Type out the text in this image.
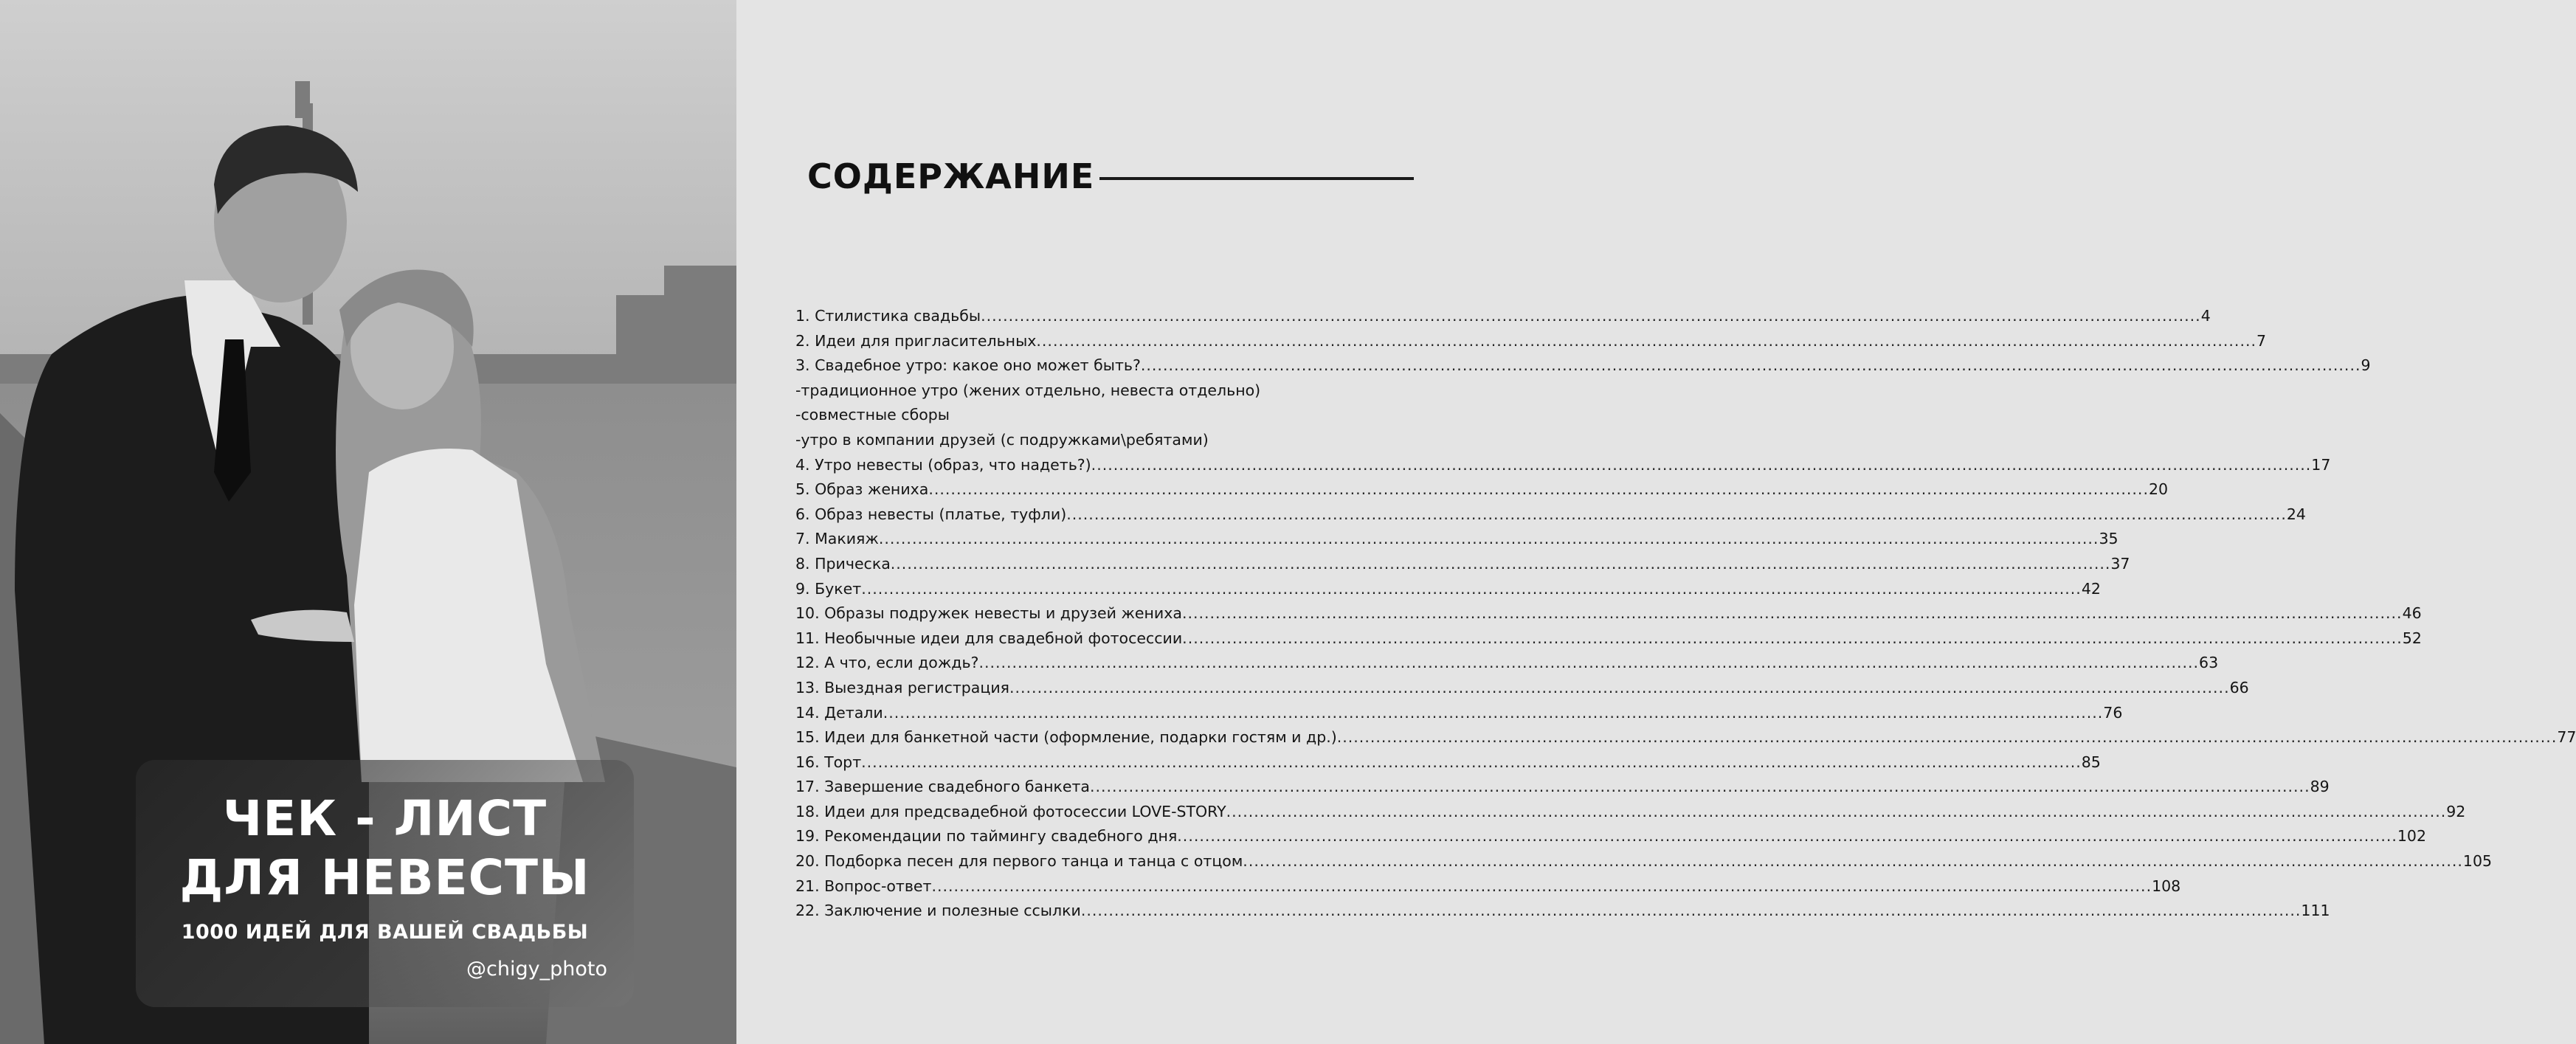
ЧЕК - ЛИСТ
ДЛЯ НЕВЕСТЫ
1000 ИДЕЙ ДЛЯ ВАШЕЙ СВАДЬБЫ
@chigy_photo
СОДЕРЖАНИЕ
1. Стилистика свадьбы ............................................................................................................................................................................................................................ 4
2. Идеи для пригласительных ............................................................................................................................................................................................................................ 7
3. Свадебное утро: какое оно может быть? ............................................................................................................................................................................................................................ 9
-традиционное утро (жених отдельно, невеста отдельно)
-совместные сборы
-утро в компании друзей (с подружками\ребятами)
4. Утро невесты (образ, что надеть?) ............................................................................................................................................................................................................................ 17
5. Образ жениха ............................................................................................................................................................................................................................ 20
6. Образ невесты (платье, туфли) ............................................................................................................................................................................................................................ 24
7. Макияж ............................................................................................................................................................................................................................ 35
8. Прическа ............................................................................................................................................................................................................................ 37
9. Букет ............................................................................................................................................................................................................................ 42
10. Образы подружек невесты и друзей жениха ............................................................................................................................................................................................................................ 46
11. Необычные идеи для свадебной фотосессии ............................................................................................................................................................................................................................ 52
12. А что, если дождь? ............................................................................................................................................................................................................................ 63
13. Выездная регистрация ............................................................................................................................................................................................................................ 66
14. Детали ............................................................................................................................................................................................................................ 76
15. Идеи для банкетной части (оформление, подарки гостям и др.) ............................................................................................................................................................................................................................ 77
16. Торт ............................................................................................................................................................................................................................ 85
17. Завершение свадебного банкета ............................................................................................................................................................................................................................ 89
18. Идеи для предсвадебной фотосессии LOVE-STORY ............................................................................................................................................................................................................................ 92
19. Рекомендации по таймингу свадебного дня ............................................................................................................................................................................................................................ 102
20. Подборка песен для первого танца и танца с отцом ............................................................................................................................................................................................................................ 105
21. Вопрос-ответ ............................................................................................................................................................................................................................ 108
22. Заключение и полезные ссылки ............................................................................................................................................................................................................................ 111
